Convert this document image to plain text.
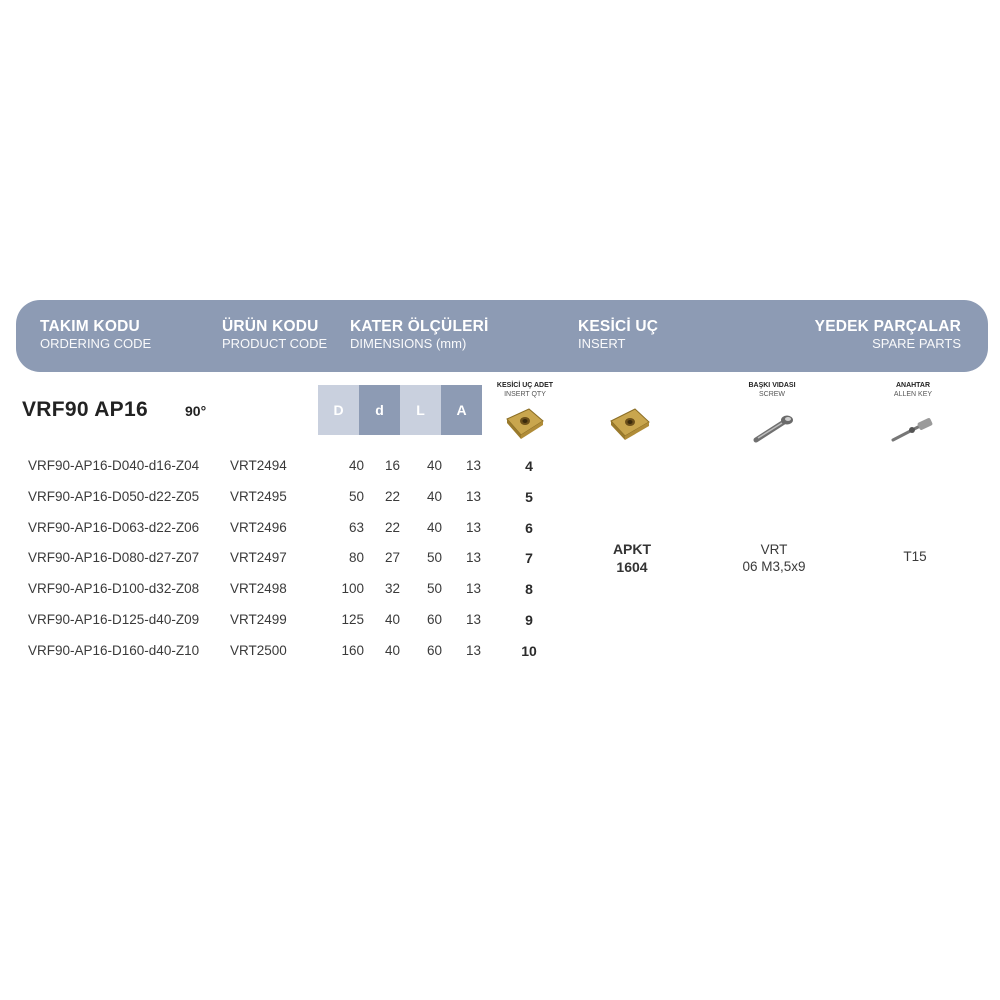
TAKIM KODU
ORDERING CODE
ÜRÜN KODU
PRODUCT CODE
KATER ÖLÇÜLERİ
DIMENSIONS (mm)
KESİCİ UÇ
INSERT
YEDEK PARÇALAR
SPARE PARTS
VRF90 AP16	90°	D	d	L	A
KESİCİ UÇ ADET
INSERT QTY
BAŞKI VIDASI
SCREW
ANAHTAR
ALLEN KEY
VRF90-AP16-D040-d16-Z04 VRT2494	40	16	40	13	4
VRF90-AP16-D050-d22-Z05 VRT2495	50	22	40	13	5
VRF90-AP16-D063-d22-Z06 VRT2496	63	22	40	13	6
VRF90-AP16-D080-d27-Z07 VRT2497	80	27	50	13	7
VRF90-AP16-D100-d32-Z08 VRT2498	100	32	50	13	8
VRF90-AP16-D125-d40-Z09 VRT2499	125	40	60	13	9
VRF90-AP16-D160-d40-Z10 VRT2500	160	40	60	13	10
APKT
1604
VRT
06 M3,5x9
T15
